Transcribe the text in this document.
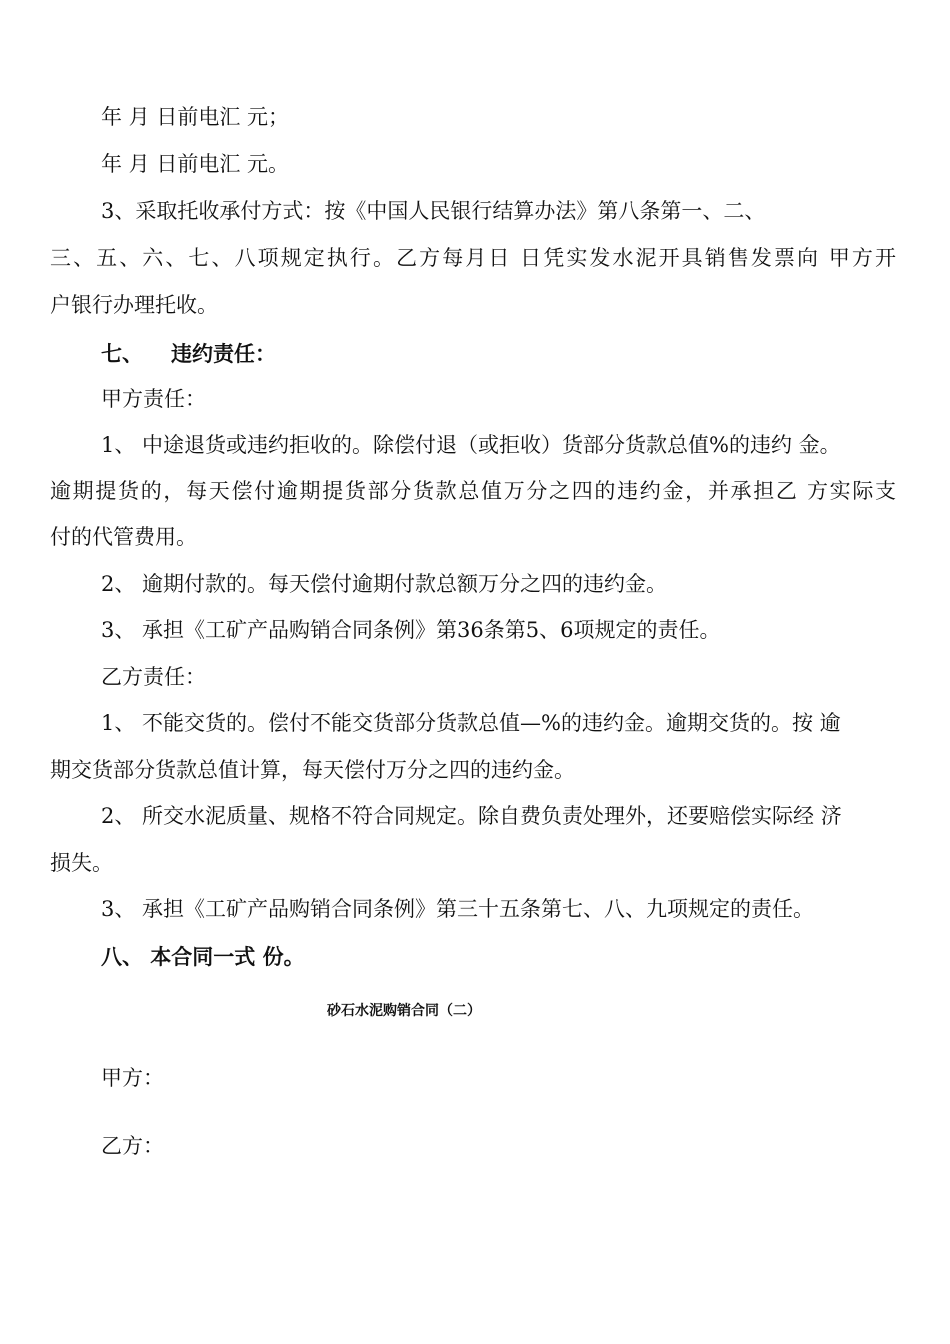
年 月 日前电汇 元；
年 月 日前电汇 元。
3、采取托收承付方式：按《中国人民银行结算办法》第八条第一、二、
三、五、六、七、八项规定执行。乙方每月日 日凭实发水泥开具销售发票向 甲方开
户银行办理托收。
七、 违约责任：
甲方责任：
1、 中途退货或违约拒收的。除偿付退（或拒收）货部分货款总值%的违约 金。
逾期提货的，每天偿付逾期提货部分货款总值万分之四的违约金，并承担乙 方实际支
付的代管费用。
2、 逾期付款的。每天偿付逾期付款总额万分之四的违约金。
3、 承担《工矿产品购销合同条例》第36条第5、6项规定的责任。
乙方责任：
1、 不能交货的。偿付不能交货部分货款总值—%的违约金。逾期交货的。按 逾
期交货部分货款总值计算，每天偿付万分之四的违约金。
2、 所交水泥质量、规格不符合同规定。除自费负责处理外，还要赔偿实际经 济
损失。
3、 承担《工矿产品购销合同条例》第三十五条第七、八、九项规定的责任。
八、 本合同一式 份。
砂石水泥购销合同（二）
甲方：
乙方：
